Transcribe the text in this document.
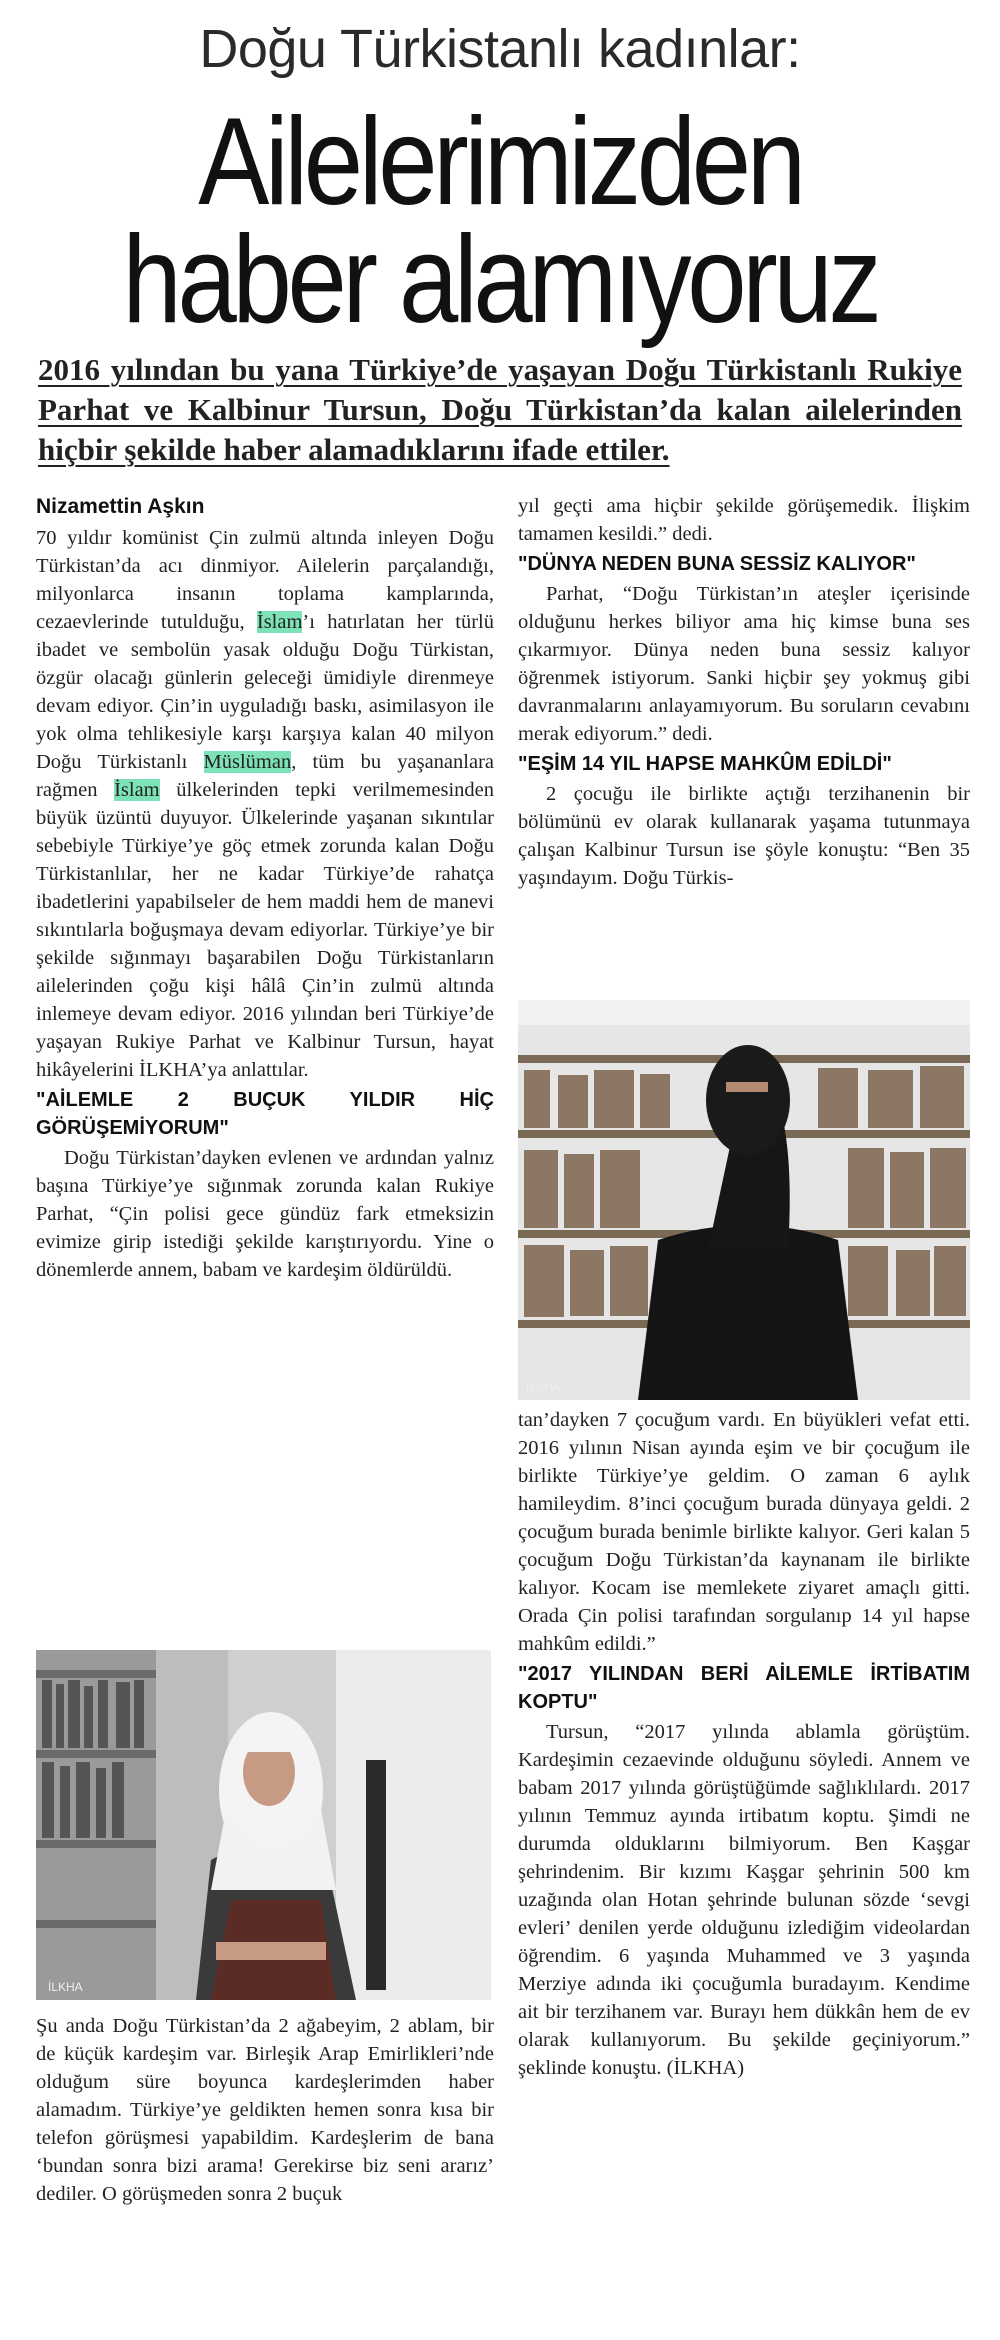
Doğu Türkistanlı kadınlar:
Ailelerimizden
haber alamıyoruz
2016 yılından bu yana Türkiye’de yaşayan Doğu Türkistanlı Rukiye Parhat ve Kalbinur Tursun, Doğu Türkistan’da kalan ailelerinden hiçbir şekilde haber alamadıklarını ifade ettiler.
Nizamettin Aşkın

70 yıldır komünist Çin zulmü altında inleyen Doğu Türkistan’da acı dinmiyor. Ailelerin parçalandığı, milyonlarca insanın toplama kamplarında, cezaevlerinde tutulduğu, İslam’ı hatırlatan her türlü ibadet ve sembolün yasak olduğu Doğu Türkistan, özgür olacağı günlerin geleceği ümidiyle direnmeye devam ediyor. Çin’in uyguladığı baskı, asimilasyon ile yok olma tehlikesiyle karşı karşıya kalan 40 milyon Doğu Türkistanlı Müslüman, tüm bu yaşananlara rağmen İslam ülkelerinden tepki verilmemesinden büyük üzüntü duyuyor. Ülkelerinde yaşanan sıkıntılar sebebiyle Türkiye’ye göç etmek zorunda kalan Doğu Türkistanlılar, her ne kadar Türkiye’de rahatça ibadetlerini yapabilseler de hem maddi hem de manevi sıkıntılarla boğuşmaya devam ediyorlar. Türkiye’ye bir şekilde sığınmayı başarabilen Doğu Türkistanların ailelerinden çoğu kişi hâlâ Çin’in zulmü altında inlemeye devam ediyor. 2016 yılından beri Türkiye’de yaşayan Rukiye Parhat ve Kalbinur Tursun, hayat hikâyelerini İLKHA’ya anlattılar.

"AİLEMLE 2 BUÇUK YILDIR HİÇ GÖRÜŞEMİYORUM"

Doğu Türkistan’dayken evlenen ve ardından yalnız başına Türkiye’ye sığınmak zorunda kalan Rukiye Parhat, “Çin polisi gece gündüz fark etmeksizin evimize girip istediği şekilde karıştırıyordu. Yine o dönemlerde annem, babam ve kardeşim öldürüldü.

İLKHA

Şu anda Doğu Türkistan’da 2 ağabeyim, 2 ablam, bir de küçük kardeşim var. Birleşik Arap Emirlikleri’nde olduğum süre boyunca kardeşlerimden haber alamadım. Türkiye’ye geldikten hemen sonra kısa bir telefon görüşmesi yapabildim. Kardeşlerim de bana ‘bundan sonra bizi arama! Gerekirse biz seni ararız’ dediler. O görüşmeden sonra 2 buçuk

yıl geçti ama hiçbir şekilde görüşemedik. İlişkim tamamen kesildi.” dedi.

"DÜNYA NEDEN BUNA SESSİZ KALIYOR"

Parhat, “Doğu Türkistan’ın ateşler içerisinde olduğunu herkes biliyor ama hiç kimse buna ses çıkarmıyor. Dünya neden buna sessiz kalıyor öğrenmek istiyorum. Sanki hiçbir şey yokmuş gibi davranmalarını anlayamıyorum. Bu soruların cevabını merak ediyorum.” dedi.

"EŞİM 14 YIL HAPSE MAHKÛM EDİLDİ"

2 çocuğu ile birlikte açtığı terzihanenin bir bölümünü ev olarak kullanarak yaşama tutunmaya çalışan Kalbinur Tursun ise şöyle konuştu: “Ben 35 yaşındayım. Doğu Türkis-

İLKHA

tan’dayken 7 çocuğum vardı. En büyükleri vefat etti. 2016 yılının Nisan ayında eşim ve bir çocuğum ile birlikte Türkiye’ye geldim. O zaman 6 aylık hamileydim. 8’inci çocuğum burada dünyaya geldi. 2 çocuğum burada benimle birlikte kalıyor. Geri kalan 5 çocuğum Doğu Türkistan’da kaynanam ile birlikte kalıyor. Kocam ise memlekete ziyaret amaçlı gitti. Orada Çin polisi tarafından sorgulanıp 14 yıl hapse mahkûm edildi.”

"2017 YILINDAN BERİ AİLEMLE İRTİBATIM KOPTU"

Tursun, “2017 yılında ablamla görüştüm. Kardeşimin cezaevinde olduğunu söyledi. Annem ve babam 2017 yılında görüştüğümde sağlıklılardı. 2017 yılının Temmuz ayında irtibatım koptu. Şimdi ne durumda olduklarını bilmiyorum. Ben Kaşgar şehrindenim. Bir kızımı Kaşgar şehrinin 500 km uzağında olan Hotan şehrinde bulunan sözde ‘sevgi evleri’ denilen yerde olduğunu izlediğim videolardan öğrendim. 6 yaşında Muhammed ve 3 yaşında Merziye adında iki çocuğumla buradayım. Kendime ait bir terzihanem var. Burayı hem dükkân hem de ev olarak kullanıyorum. Bu şekilde geçiniyorum.” şeklinde konuştu. (İLKHA)
